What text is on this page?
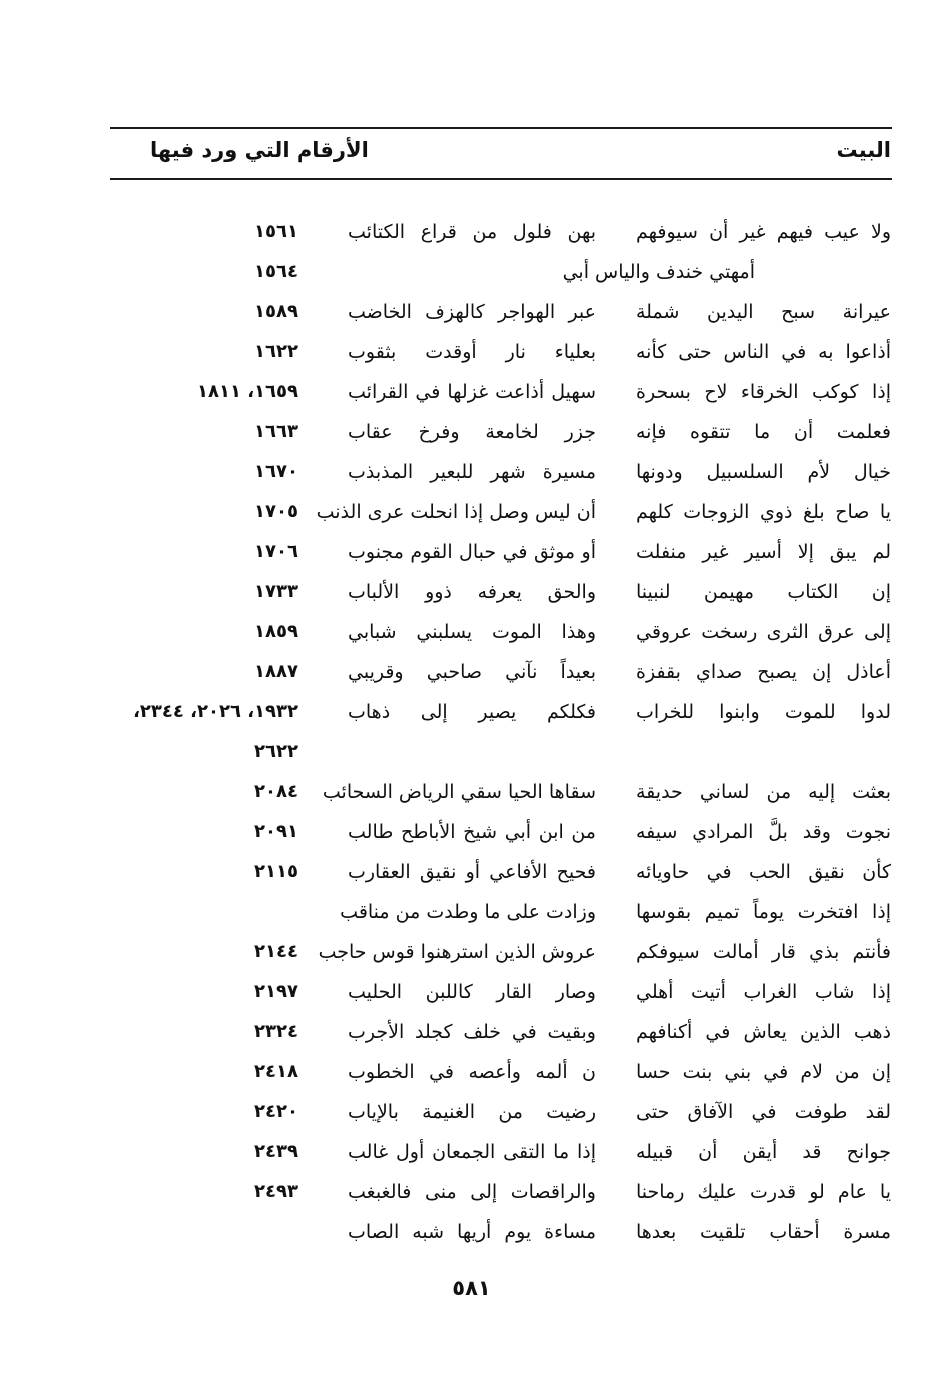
البيت
الأرقام التي ورد فيها
ولا عيب فيهم غير أن سيوفهم
بهن فلول من قراع الكتائب
١٥٦١
أمهتي خندف والياس أبي
١٥٦٤
عيرانة سبح اليدين شملة
عبر الهواجر كالهزف الخاضب
١٥٨٩
أذاعوا به في الناس حتى كأنه
بعلياء نار أوقدت بثقوب
١٦٢٢
إذا كوكب الخرقاء لاح بسحرة
سهيل أذاعت غزلها في القرائب
١٦٥٩، ١٨١١
فعلمت أن ما تتقوه فإنه
جزر لخامعة وفرخ عقاب
١٦٦٣
خيال لأم السلسبيل ودونها
مسيرة شهر للبعير المذبذب
١٦٧٠
يا صاح بلغ ذوي الزوجات كلهم
أن ليس وصل إذا انحلت عرى الذنب
١٧٠٥
لم يبق إلا أسير غير منفلت
أو موثق في حبال القوم مجنوب
١٧٠٦
إن الكتاب مهيمن لنبينا
والحق يعرفه ذوو الألباب
١٧٣٣
إلى عرق الثرى رسخت عروقي
وهذا الموت يسلبني شبابي
١٨٥٩
أعاذل إن يصبح صداي بقفزة
بعيداً نآني صاحبي وقريبي
١٨٨٧
لدوا للموت وابنوا للخراب
فكلكم يصير إلى ذهاب
١٩٣٢، ٢٠٢٦، ٢٣٤٤،
٢٦٢٢
بعثت إليه من لساني حديقة
سقاها الحيا سقي الرياض السحائب
٢٠٨٤
نجوت وقد بلَّ المرادي سيفه
من ابن أبي شيخ الأباطح طالب
٢٠٩١
كأن نقيق الحب في حاويائه
فحيح الأفاعي أو نقيق العقارب
٢١١٥
إذا افتخرت يوماً تميم بقوسها
وزادت على ما وطدت من مناقب
فأنتم بذي قار أمالت سيوفكم
عروش الذين استرهنوا قوس حاجب
٢١٤٤
إذا شاب الغراب أتيت أهلي
وصار القار كاللبن الحليب
٢١٩٧
ذهب الذين يعاش في أكنافهم
وبقيت في خلف كجلد الأجرب
٢٣٢٤
إن من لام في بني بنت حسا
ن ألمه وأعصه في الخطوب
٢٤١٨
لقد طوفت في الآفاق حتى
رضيت من الغنيمة بالإياب
٢٤٢٠
جوانح قد أيقن أن قبيله
إذا ما التقى الجمعان أول غالب
٢٤٣٩
يا عام لو قدرت عليك رماحنا
والراقصات إلى منى فالغبغب
٢٤٩٣
مسرة أحقاب تلقيت بعدها
مساءة يوم أريها شبه الصاب
٥٨١
